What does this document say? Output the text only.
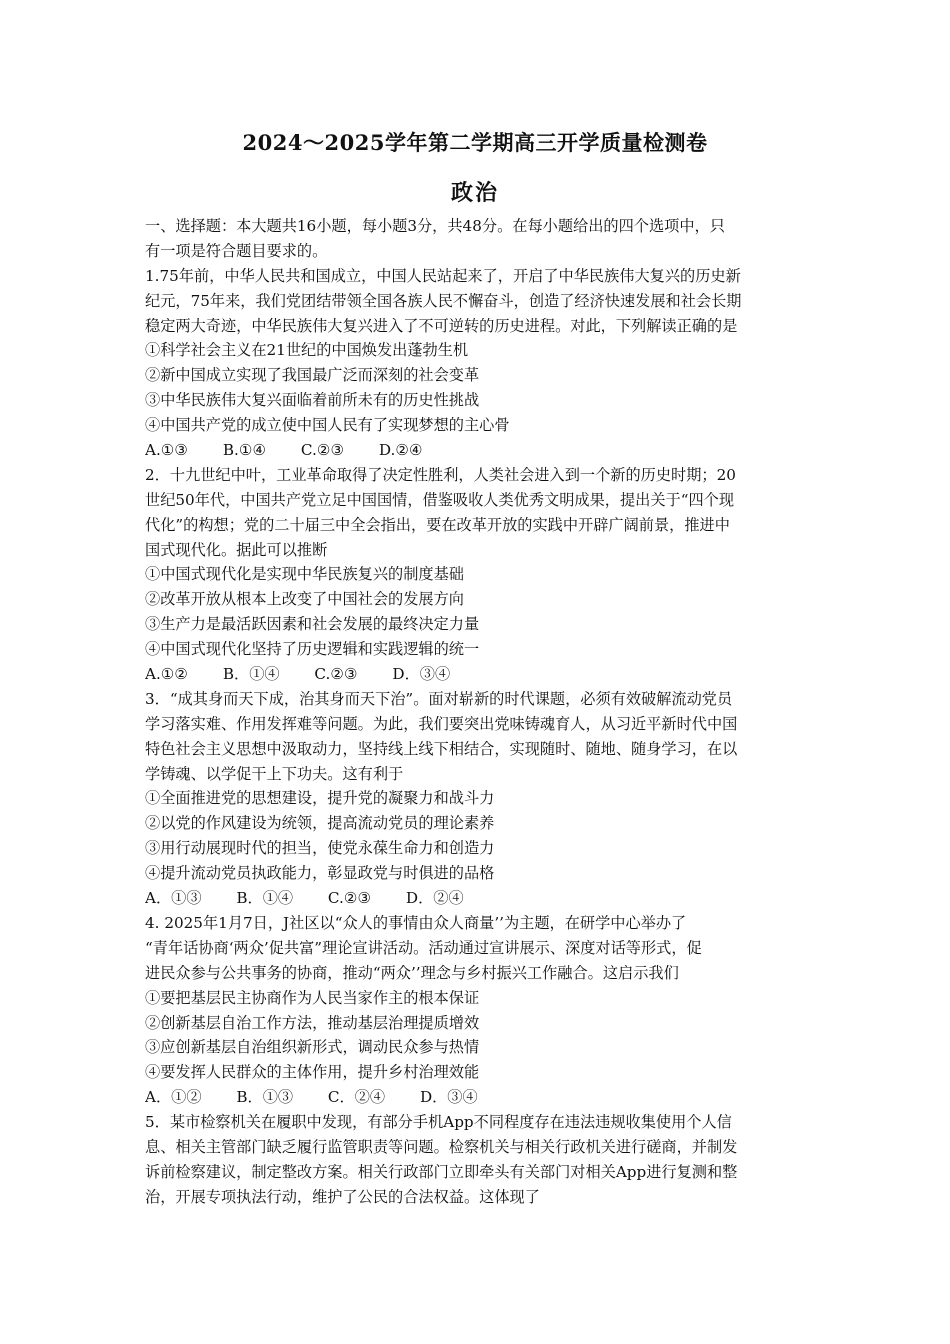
2024～2025学年第二学期高三开学质量检测卷
政治
一、选择题：本大题共16小题，每小题3分，共48分。在每小题给出的四个选项中，只
有一项是符合题目要求的。
1.75年前，中华人民共和国成立，中国人民站起来了，开启了中华民族伟大复兴的历史新
纪元，75年来，我们党团结带领全国各族人民不懈奋斗，创造了经济快速发展和社会长期
稳定两大奇迹，中华民族伟大复兴进入了不可逆转的历史进程。对此，下列解读正确的是
①科学社会主义在21世纪的中国焕发出蓬勃生机
②新中国成立实现了我国最广泛而深刻的社会变革
③中华民族伟大复兴面临着前所未有的历史性挑战
④中国共产党的成立使中国人民有了实现梦想的主心骨
A.①③ B.①④ C.②③ D.②④
2．十九世纪中叶，工业革命取得了决定性胜利，人类社会进入到一个新的历史时期；20
世纪50年代，中国共产党立足中国国情，借鉴吸收人类优秀文明成果，提出关于“四个现
代化”的构想；党的二十届三中全会指出，要在改革开放的实践中开辟广阔前景，推进中
国式现代化。据此可以推断
①中国式现代化是实现中华民族复兴的制度基础
②改革开放从根本上改变了中国社会的发展方向
③生产力是最活跃因素和社会发展的最终决定力量
④中国式现代化坚持了历史逻辑和实践逻辑的统一
A.①② B．①④ C.②③ D．③④
3．“成其身而天下成，治其身而天下治”。面对崭新的时代课题，必须有效破解流动党员
学习落实难、作用发挥难等问题。为此，我们要突出党味铸魂育人，从习近平新时代中国
特色社会主义思想中汲取动力，坚持线上线下相结合，实现随时、随地、随身学习，在以
学铸魂、以学促干上下功夫。这有利于
①全面推进党的思想建设，提升党的凝聚力和战斗力
②以党的作风建设为统领，提高流动党员的理论素养
③用行动展现时代的担当，使党永葆生命力和创造力
④提升流动党员执政能力，彰显政党与时俱进的品格
A．①③ B．①④ C.②③ D．②④
4. 2025年1月7日，J社区以“众人的事情由众人商量’’为主题，在研学中心举办了
“青年话协商‘两众’促共富”理论宣讲活动。活动通过宣讲展示、深度对话等形式，促
进民众参与公共事务的协商，推动“两众’’理念与乡村振兴工作融合。这启示我们
①要把基层民主协商作为人民当家作主的根本保证
②创新基层自治工作方法，推动基层治理提质增效
③应创新基层自治组织新形式，调动民众参与热情
④要发挥人民群众的主体作用，提升乡村治理效能
A．①② B．①③ C．②④ D．③④
5．某市检察机关在履职中发现，有部分手机App不同程度存在违法违规收集使用个人信
息、相关主管部门缺乏履行监管职责等问题。检察机关与相关行政机关进行磋商，并制发
诉前检察建议，制定整改方案。相关行政部门立即牵头有关部门对相关App进行复测和整
治，开展专项执法行动，维护了公民的合法权益。这体现了
